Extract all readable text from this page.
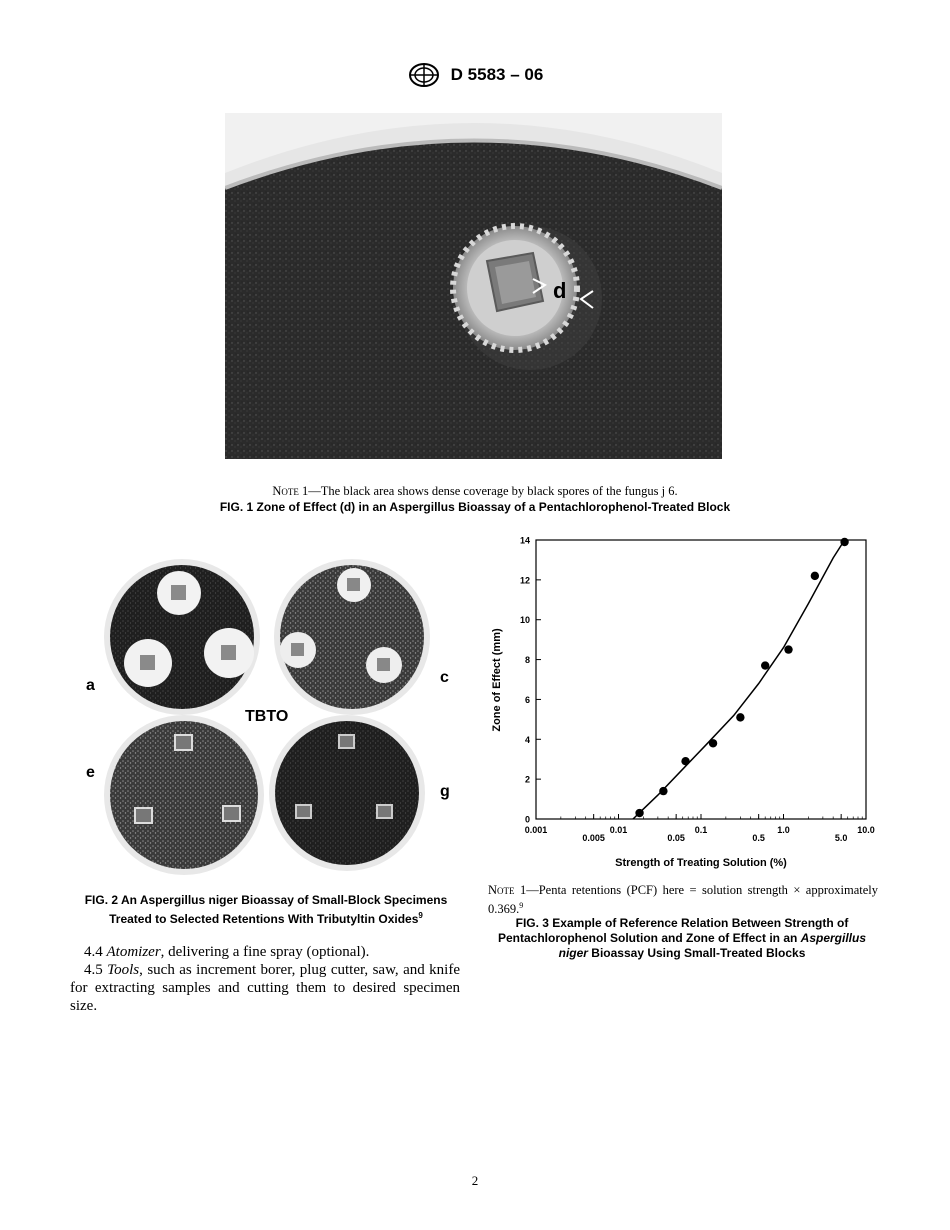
D 5583 – 06
d
Note 1—The black area shows dense coverage by black spores of the fungus j 6.
FIG. 1 Zone of Effect (d) in an Aspergillus Bioassay of a Pentachlorophenol-Treated Block
a	c
e
g
TBTO
FIG. 2 An Aspergillus niger Bioassay of Small-Block Specimens Treated to Selected Retentions With Tributyltin Oxides$^9$
0
2
4
6
8
10
12
14
0.001
0.005
0.01
0.05
0.1
0.5
1.0
5.0
10.0
Zone of Effect (mm)
Strength of Treating Solution (%)
Note 1—Penta retentions (PCF) here = solution strength × approximately 0.369.$^9$
FIG. 3 Example of Reference Relation Between Strength of Pentachlorophenol Solution and Zone of Effect in an Aspergillus niger Bioassay Using Small-Treated Blocks

4.4 Atomizer, delivering a fine spray (optional).

4.5 Tools, such as increment borer, plug cutter, saw, and knife for extracting samples and cutting them to desired specimen size.

2
